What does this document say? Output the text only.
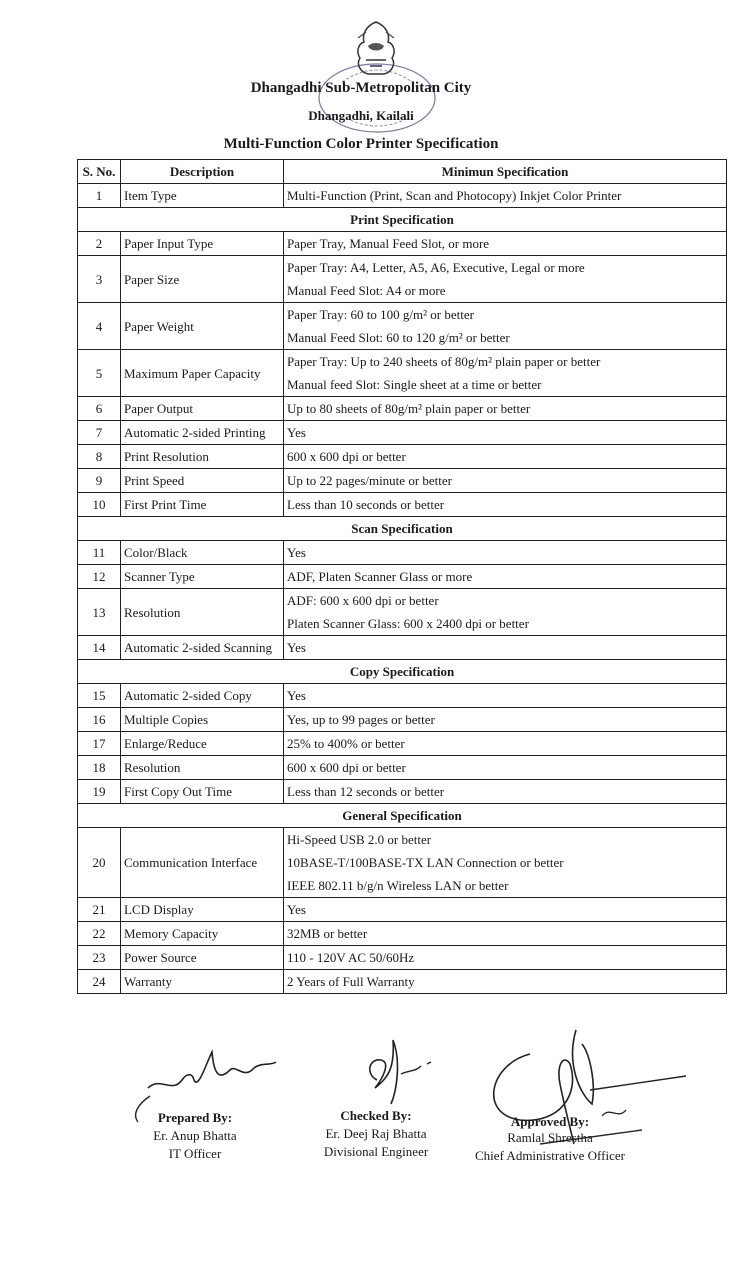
Dhangadhi Sub-Metropolitan City
Dhangadhi, Kailali
Multi-Function Color Printer Specification
S. No.	Description	Minimun Specification
1	Item Type	Multi-Function (Print, Scan and Photocopy) Inkjet Color Printer

Print Specification		
2	Paper Input Type	Paper Tray, Manual Feed Slot, or more

3	Paper Size	Paper Tray: A4, Letter, A5, A6, Executive, Legal or more
Manual Feed Slot: A4 or more

4	Paper Weight	Paper Tray: 60 to 100 g/m² or better
Manual Feed Slot: 60 to 120 g/m² or better

5	Maximum Paper Capacity	Paper Tray: Up to 240 sheets of 80g/m² plain paper or better
Manual feed Slot: Single sheet at a time or better

6	Paper Output	Up to 80 sheets of 80g/m² plain paper or better

7	Automatic 2-sided Printing	Yes

8	Print Resolution	600 x 600 dpi or better

9	Print Speed	Up to 22 pages/minute or better

10	First Print Time	Less than 10 seconds or better

Scan Specification		
11	Color/Black	Yes

12	Scanner Type	ADF, Platen Scanner Glass or more

13	Resolution	ADF: 600 x 600 dpi or better
Platen Scanner Glass: 600 x 2400 dpi or better

14	Automatic 2-sided Scanning	Yes

Copy Specification		
15	Automatic 2-sided Copy	Yes

16	Multiple Copies	Yes, up to 99 pages or better

17	Enlarge/Reduce	25% to 400% or better

18	Resolution	600 x 600 dpi or better

19	First Copy Out Time	Less than 12 seconds or better

General Specification		
20	Communication Interface	Hi-Speed USB 2.0 or better
10BASE-T/100BASE-TX LAN Connection or better
IEEE 802.11 b/g/n Wireless LAN or better

21	LCD Display	Yes

22	Memory Capacity	32MB or better

23	Power Source	110 - 120V AC 50/60Hz

24	Warranty	2 Years of Full Warranty
Prepared By:
Er. Anup Bhatta
IT Officer
Checked By:
Er. Deej Raj Bhatta
Divisional Engineer
Approved By:
Ramlal Shrestha
Chief Administrative Officer
